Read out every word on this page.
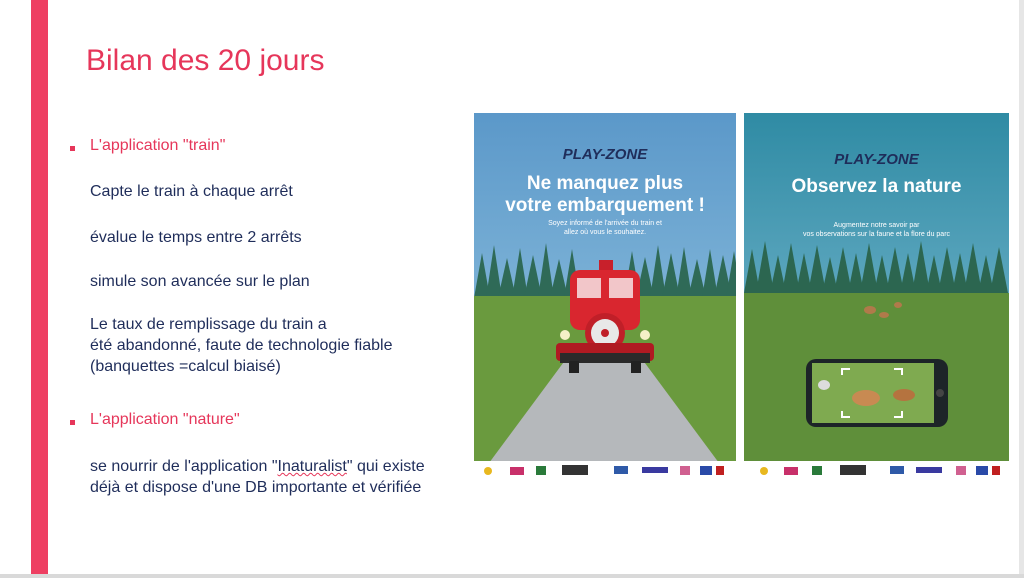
Bilan des 20 jours
L'application "train"
Capte le train à chaque arrêt
évalue le temps entre 2 arrêts
simule son avancée sur le plan
Le taux de remplissage du train a
été abandonné, faute de technologie fiable
(banquettes =calcul biaisé)
L'application "nature"
se nourrir de l'application "Inaturalist" qui existe
déjà et dispose d'une DB importante et vérifiée
PLAY-ZONE
Ne manquez plus
votre embarquement !
Soyez informé de l'arrivée du train et
allez où vous le souhaitez.
PLAY-ZONE
Observez la nature
Augmentez notre savoir par
vos observations sur la faune et la flore du parc
